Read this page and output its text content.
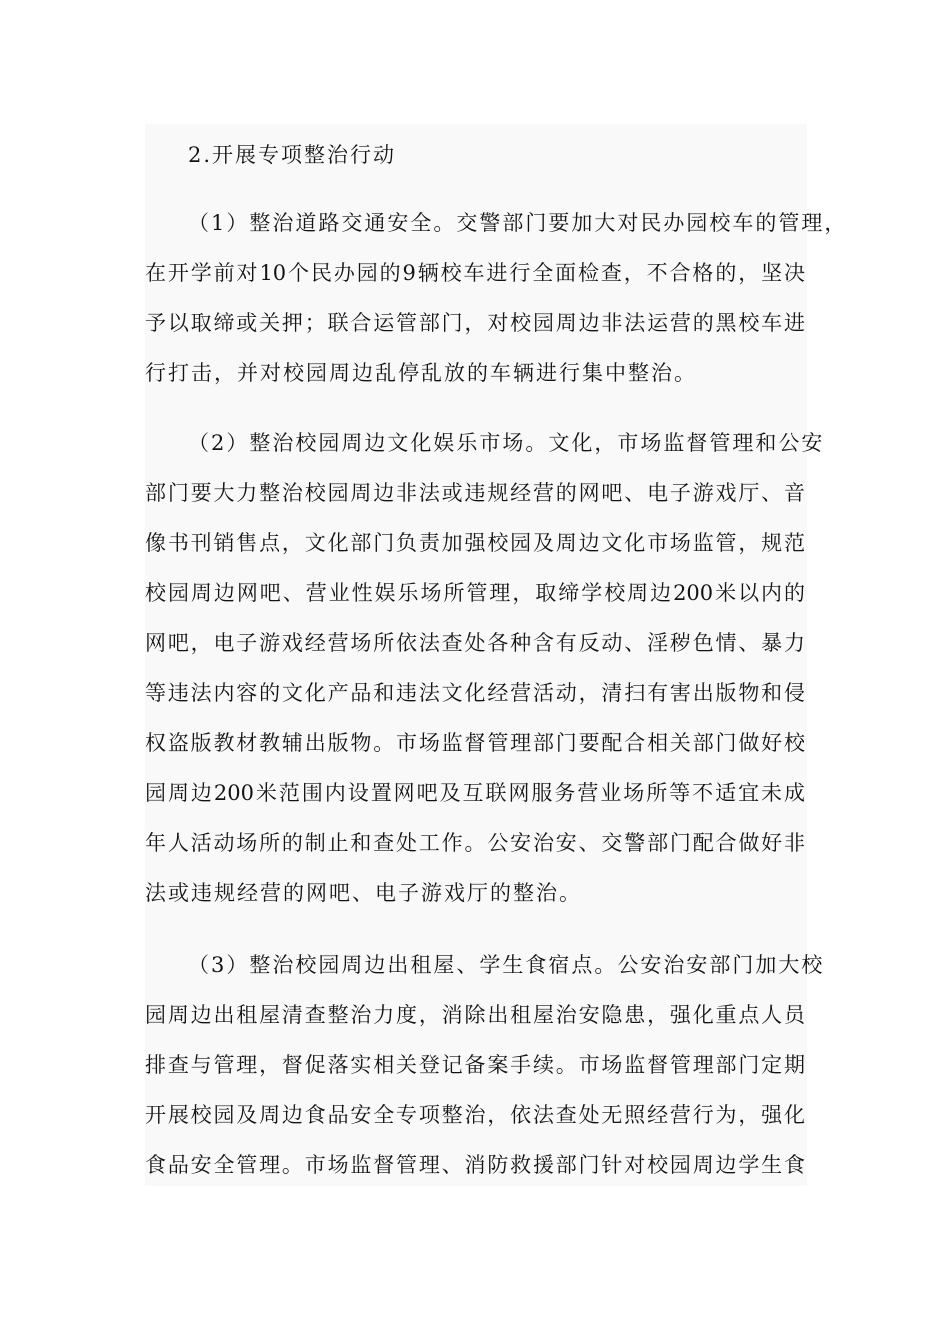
2.开展专项整治行动
（1）整治道路交通安全。交警部门要加大对民办园校车的管理，
在开学前对10个民办园的9辆校车进行全面检查，不合格的，坚决
予以取缔或关押；联合运管部门，对校园周边非法运营的黑校车进
行打击，并对校园周边乱停乱放的车辆进行集中整治。
（2）整治校园周边文化娱乐市场。文化，市场监督管理和公安
部门要大力整治校园周边非法或违规经营的网吧、电子游戏厅、音
像书刊销售点，文化部门负责加强校园及周边文化市场监管，规范
校园周边网吧、营业性娱乐场所管理，取缔学校周边200米以内的
网吧，电子游戏经营场所依法查处各种含有反动、淫秽色情、暴力
等违法内容的文化产品和违法文化经营活动，清扫有害出版物和侵
权盗版教材教辅出版物。市场监督管理部门要配合相关部门做好校
园周边200米范围内设置网吧及互联网服务营业场所等不适宜未成
年人活动场所的制止和查处工作。公安治安、交警部门配合做好非
法或违规经营的网吧、电子游戏厅的整治。
（3）整治校园周边出租屋、学生食宿点。公安治安部门加大校
园周边出租屋清查整治力度，消除出租屋治安隐患，强化重点人员
排查与管理，督促落实相关登记备案手续。市场监督管理部门定期
开展校园及周边食品安全专项整治，依法查处无照经营行为，强化
食品安全管理。市场监督管理、消防救援部门针对校园周边学生食
